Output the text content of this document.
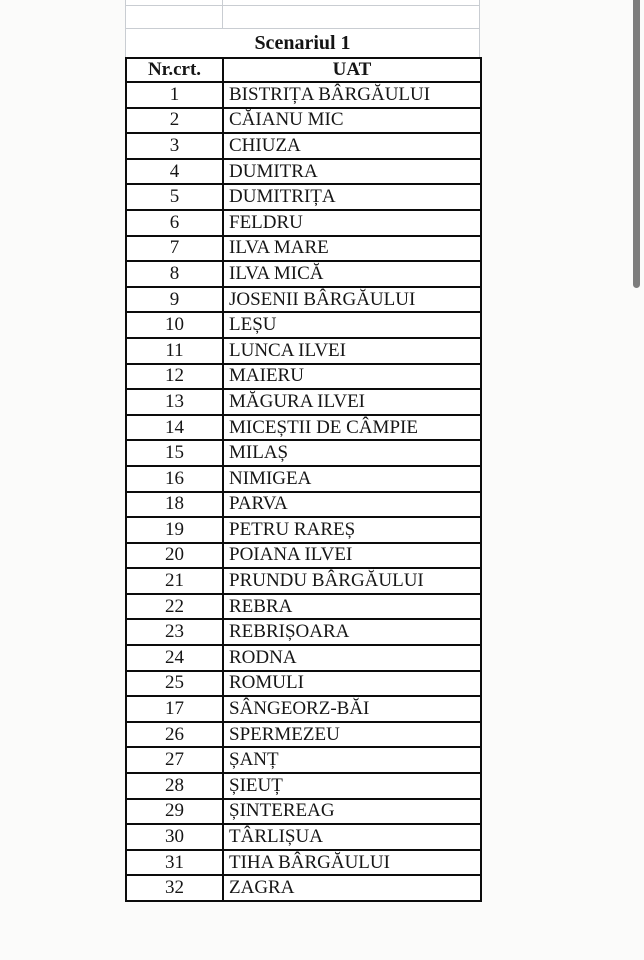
Scenariul 1
Nr.crt.	UAT
1	BISTRIȚA BÂRGĂULUI
2	CĂIANU MIC
3	CHIUZA
4	DUMITRA
5	DUMITRIȚA
6	FELDRU
7	ILVA MARE
8	ILVA MICĂ
9	JOSENII BÂRGĂULUI
10	LEȘU
11	LUNCA ILVEI
12	MAIERU
13	MĂGURA ILVEI
14	MICEȘTII DE CÂMPIE
15	MILAȘ
16	NIMIGEA
18	PARVA
19	PETRU RAREȘ
20	POIANA ILVEI
21	PRUNDU BÂRGĂULUI
22	REBRA
23	REBRIȘOARA
24	RODNA
25	ROMULI
17	SÂNGEORZ-BĂI
26	SPERMEZEU
27	ȘANȚ
28	ȘIEUȚ
29	ȘINTEREAG
30	TÂRLIȘUA
31	TIHA BÂRGĂULUI
32	ZAGRA
